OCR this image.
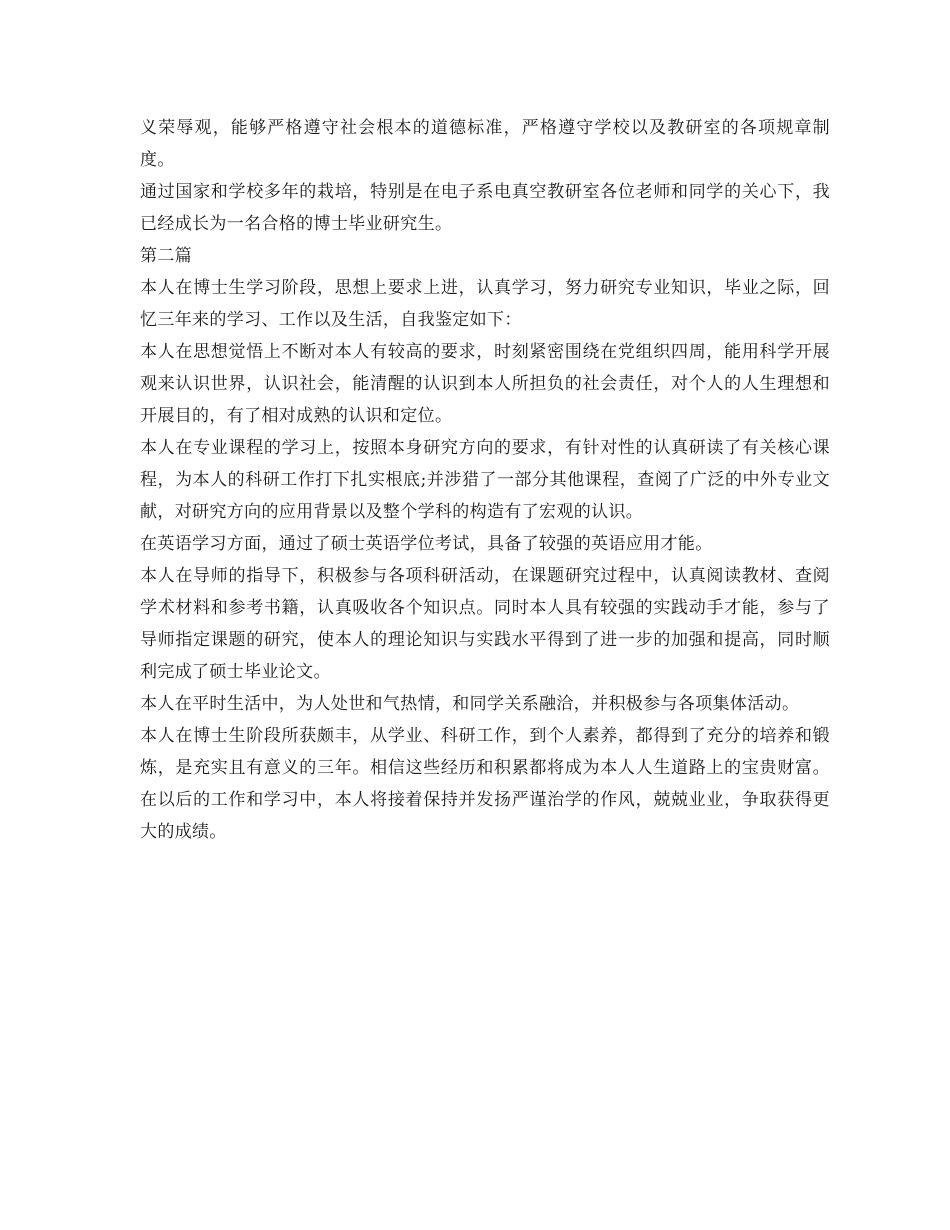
义荣辱观，能够严格遵守社会根本的道德标准，严格遵守学校以及教研室的各项规章制度。

通过国家和学校多年的栽培，特别是在电子系电真空教研室各位老师和同学的关心下，我已经成长为一名合格的博士毕业研究生。

第二篇

本人在博士生学习阶段，思想上要求上进，认真学习，努力研究专业知识，毕业之际，回忆三年来的学习、工作以及生活，自我鉴定如下：

本人在思想觉悟上不断对本人有较高的要求，时刻紧密围绕在党组织四周，能用科学开展观来认识世界，认识社会，能清醒的认识到本人所担负的社会责任，对个人的人生理想和开展目的，有了相对成熟的认识和定位。

本人在专业课程的学习上，按照本身研究方向的要求，有针对性的认真研读了有关核心课程，为本人的科研工作打下扎实根底;并涉猎了一部分其他课程，查阅了广泛的中外专业文献，对研究方向的应用背景以及整个学科的构造有了宏观的认识。

在英语学习方面，通过了硕士英语学位考试，具备了较强的英语应用才能。

本人在导师的指导下，积极参与各项科研活动，在课题研究过程中，认真阅读教材、查阅学术材料和参考书籍，认真吸收各个知识点。同时本人具有较强的实践动手才能，参与了导师指定课题的研究，使本人的理论知识与实践水平得到了进一步的加强和提高，同时顺利完成了硕士毕业论文。

本人在平时生活中，为人处世和气热情，和同学关系融洽，并积极参与各项集体活动。

本人在博士生阶段所获颇丰，从学业、科研工作，到个人素养，都得到了充分的培养和锻炼，是充实且有意义的三年。相信这些经历和积累都将成为本人人生道路上的宝贵财富。在以后的工作和学习中，本人将接着保持并发扬严谨治学的作风，兢兢业业，争取获得更大的成绩。
